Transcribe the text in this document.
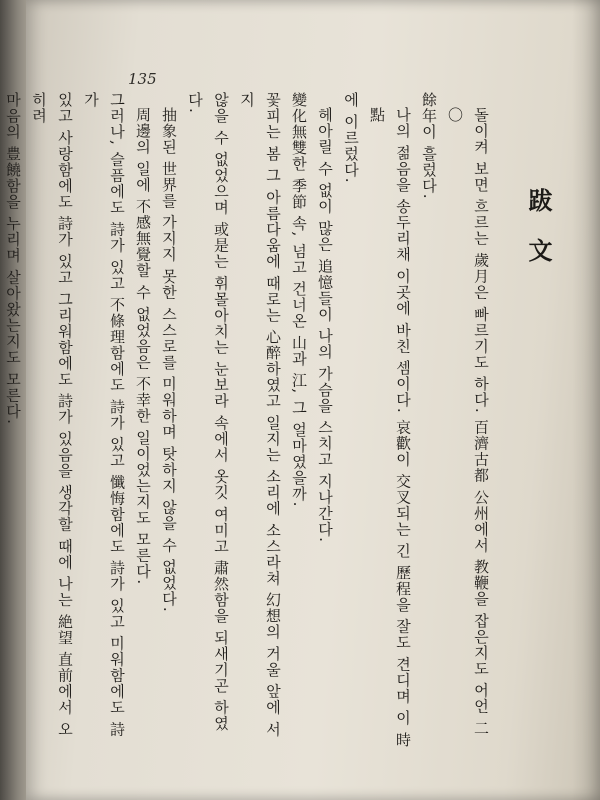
135
跋文
돌이켜 보면 흐르는 歲月은 빠르기도 하다. 百濟古都 公州에서 教鞭을 잡은지도 어언 二〇
餘年이 흘렀다.
나의 젊음을 송두리채 이곳에 바친 셈이다. 哀歡이 交叉되는 긴 歷程을 잘도 견디며 이 時點
에 이르렀다.
헤아릴 수 없이 많은 追憶들이 나의 가슴을 스치고 지나간다.
變化無雙한 季節 속, 넘고 건너온 山과 江, 그 얼마였을까.
꽃피는 봄 그 아름다움에 때로는 心醉하였고 일지는 소리에 소스라쳐 幻想의 거울 앞에 서지
않을 수 없었으며 或是는 휘몰아치는 눈보라 속에서 옷깃 여미고 肅然함을 되새기곤 하였다.
抽象된 世界를 가지지 못한 스스로를 미워하며 탓하지 않을 수 없었다.
周邊의 일에 不感無覺할 수 없었음은 不幸한 일이었는지도 모른다.
그러나, 슬픔에도 詩가 있고 不條理함에도 詩가 있고 懺悔함에도 詩가 있고 미워함에도 詩가
있고 사랑함에도 詩가 있고 그리워함에도 詩가 있음을 생각할 때에 나는 絶望 直前에서 오히려
마음의 豊饒함을 누리며 살아왔는지도 모른다.
